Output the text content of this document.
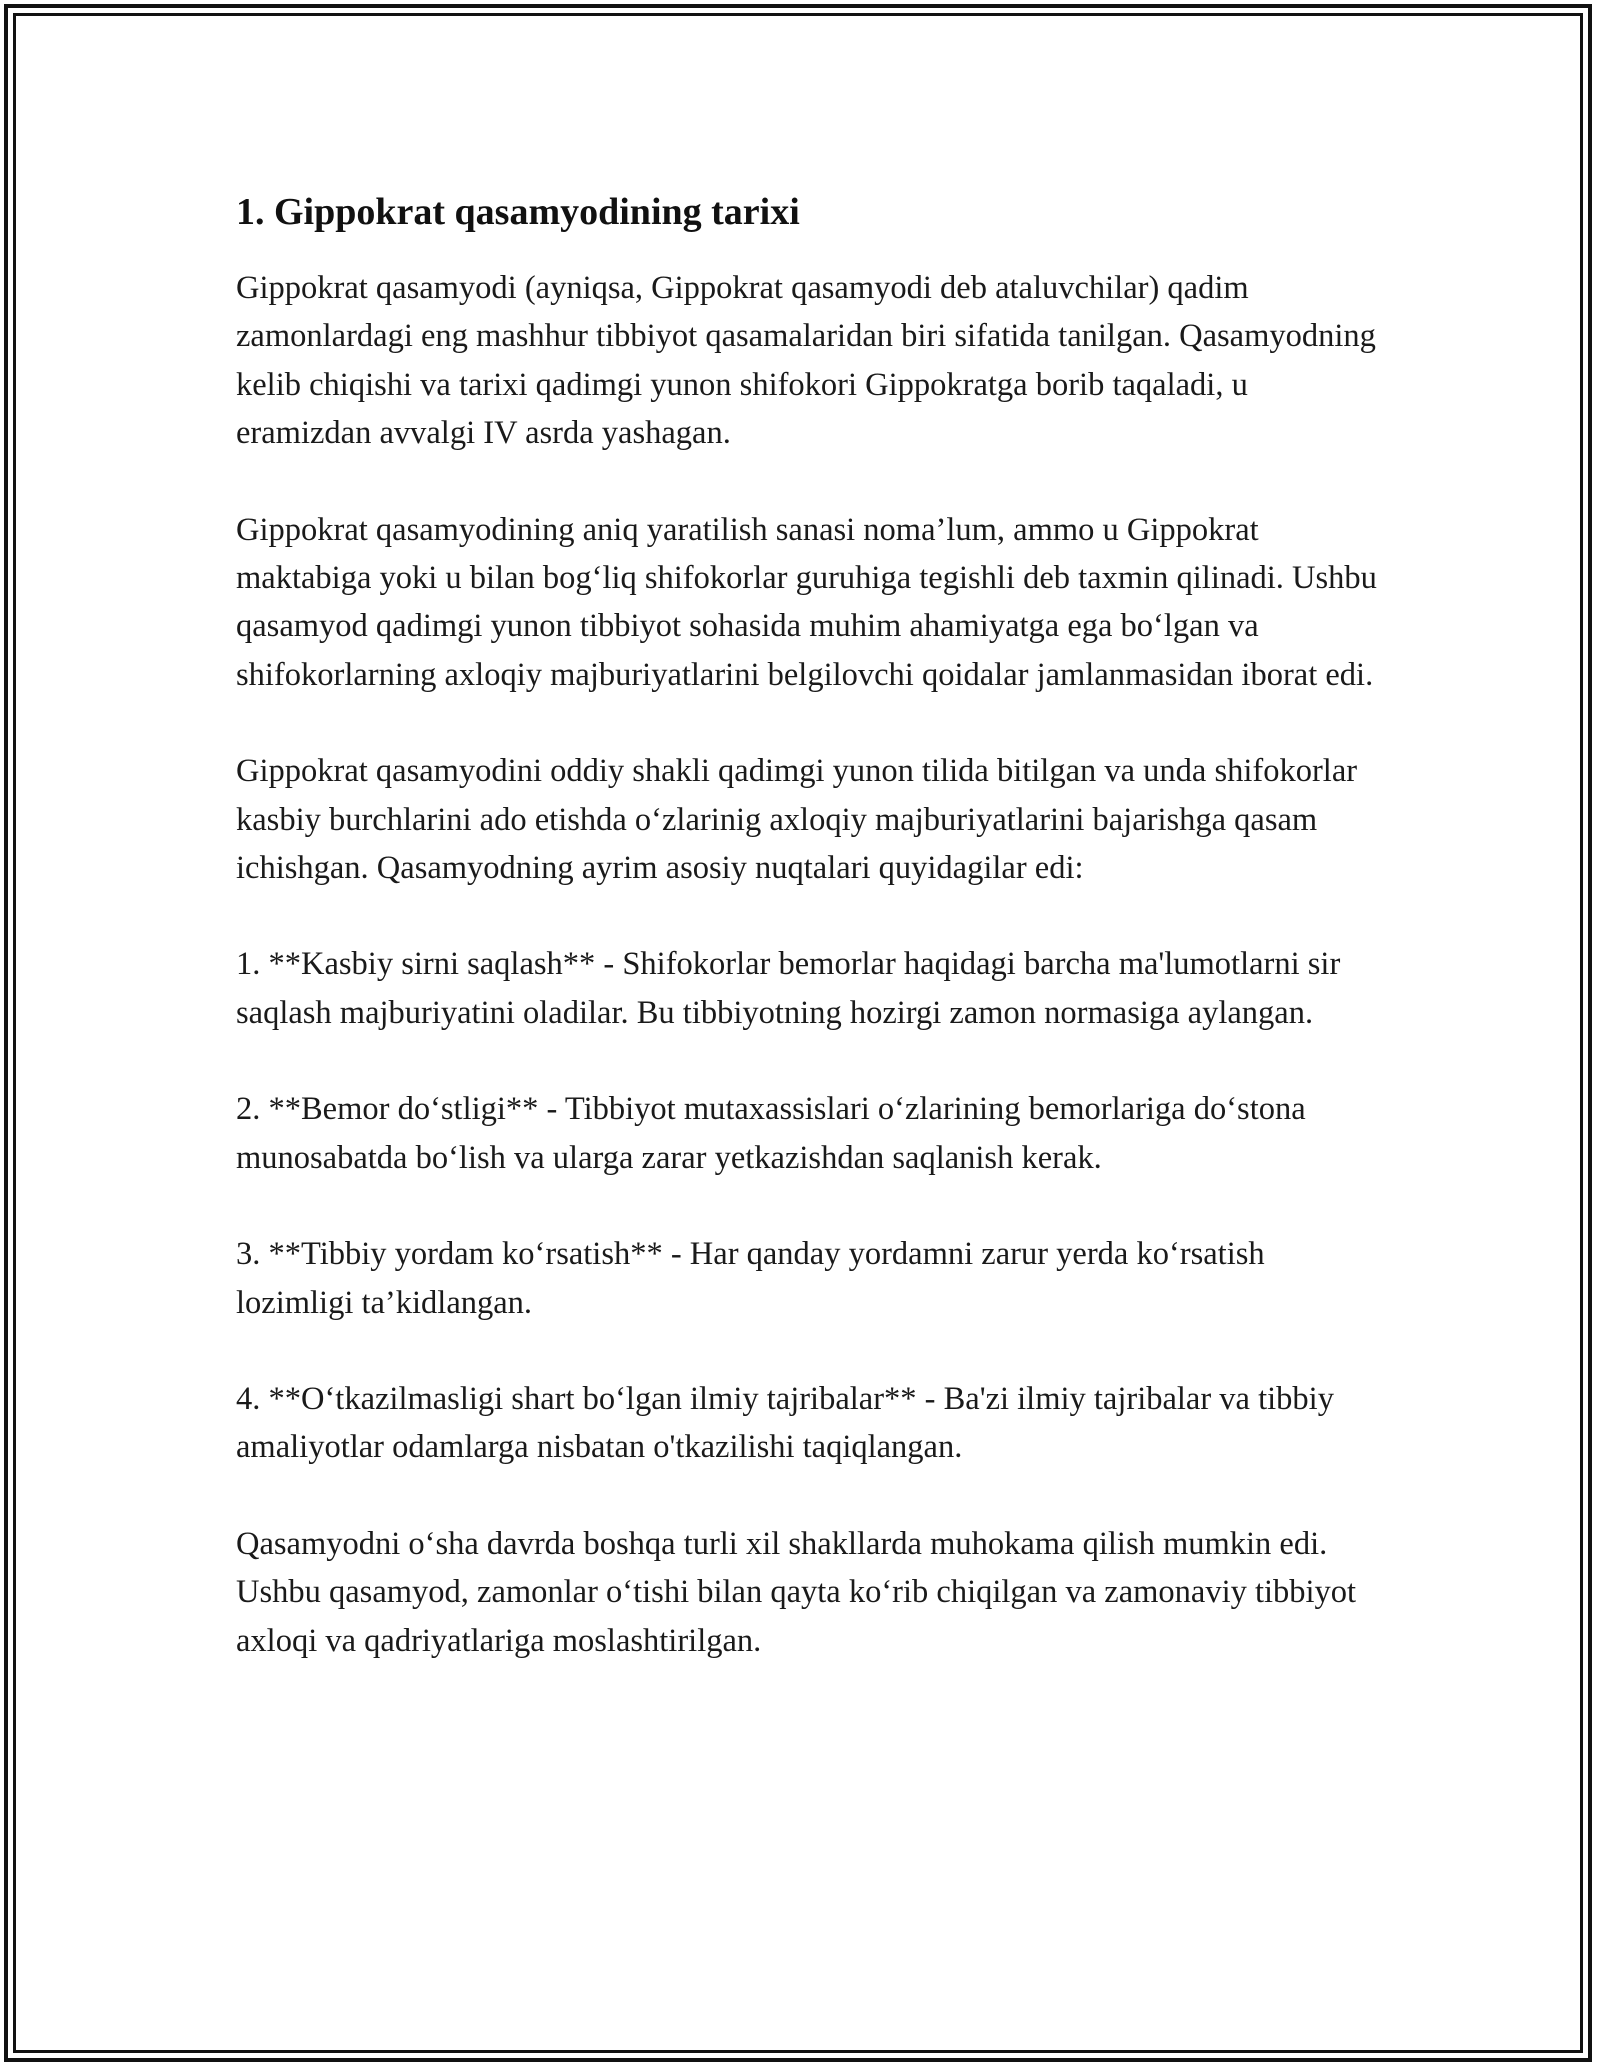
1. Gippokrat qasamyodining tarixi

Gippokrat qasamyodi (ayniqsa, Gippokrat qasamyodi deb ataluvchilar) qadim zamonlardagi eng mashhur tibbiyot qasamalaridan biri sifatida tanilgan. Qasamyodning kelib chiqishi va tarixi qadimgi yunon shifokori Gippokratga borib taqaladi, u eramizdan avvalgi IV asrda yashagan.

Gippokrat qasamyodining aniq yaratilish sanasi noma’lum, ammo u Gippokrat maktabiga yoki u bilan bog‘liq shifokorlar guruhiga tegishli deb taxmin qilinadi. Ushbu qasamyod qadimgi yunon tibbiyot sohasida muhim ahamiyatga ega bo‘lgan va shifokorlarning axloqiy majburiyatlarini belgilovchi qoidalar jamlanmasidan iborat edi.

Gippokrat qasamyodini oddiy shakli qadimgi yunon tilida bitilgan va unda shifokorlar kasbiy burchlarini ado etishda o‘zlarinig axloqiy majburiyatlarini bajarishga qasam ichishgan. Qasamyodning ayrim asosiy nuqtalari quyidagilar edi:

1. **Kasbiy sirni saqlash** - Shifokorlar bemorlar haqidagi barcha ma'lumotlarni sir saqlash majburiyatini oladilar. Bu tibbiyotning hozirgi zamon normasiga aylangan.

2. **Bemor do‘stligi** - Tibbiyot mutaxassislari o‘zlarining bemorlariga do‘stona munosabatda bo‘lish va ularga zarar yetkazishdan saqlanish kerak.

3. **Tibbiy yordam ko‘rsatish** - Har qanday yordamni zarur yerda ko‘rsatish lozimligi ta’kidlangan.

4. **O‘tkazilmasligi shart bo‘lgan ilmiy tajribalar** - Ba'zi ilmiy tajribalar va tibbiy amaliyotlar odamlarga nisbatan o'tkazilishi taqiqlangan.

Qasamyodni o‘sha davrda boshqa turli xil shakllarda muhokama qilish mumkin edi. Ushbu qasamyod, zamonlar o‘tishi bilan qayta ko‘rib chiqilgan va zamonaviy tibbiyot axloqi va qadriyatlariga moslashtirilgan.
